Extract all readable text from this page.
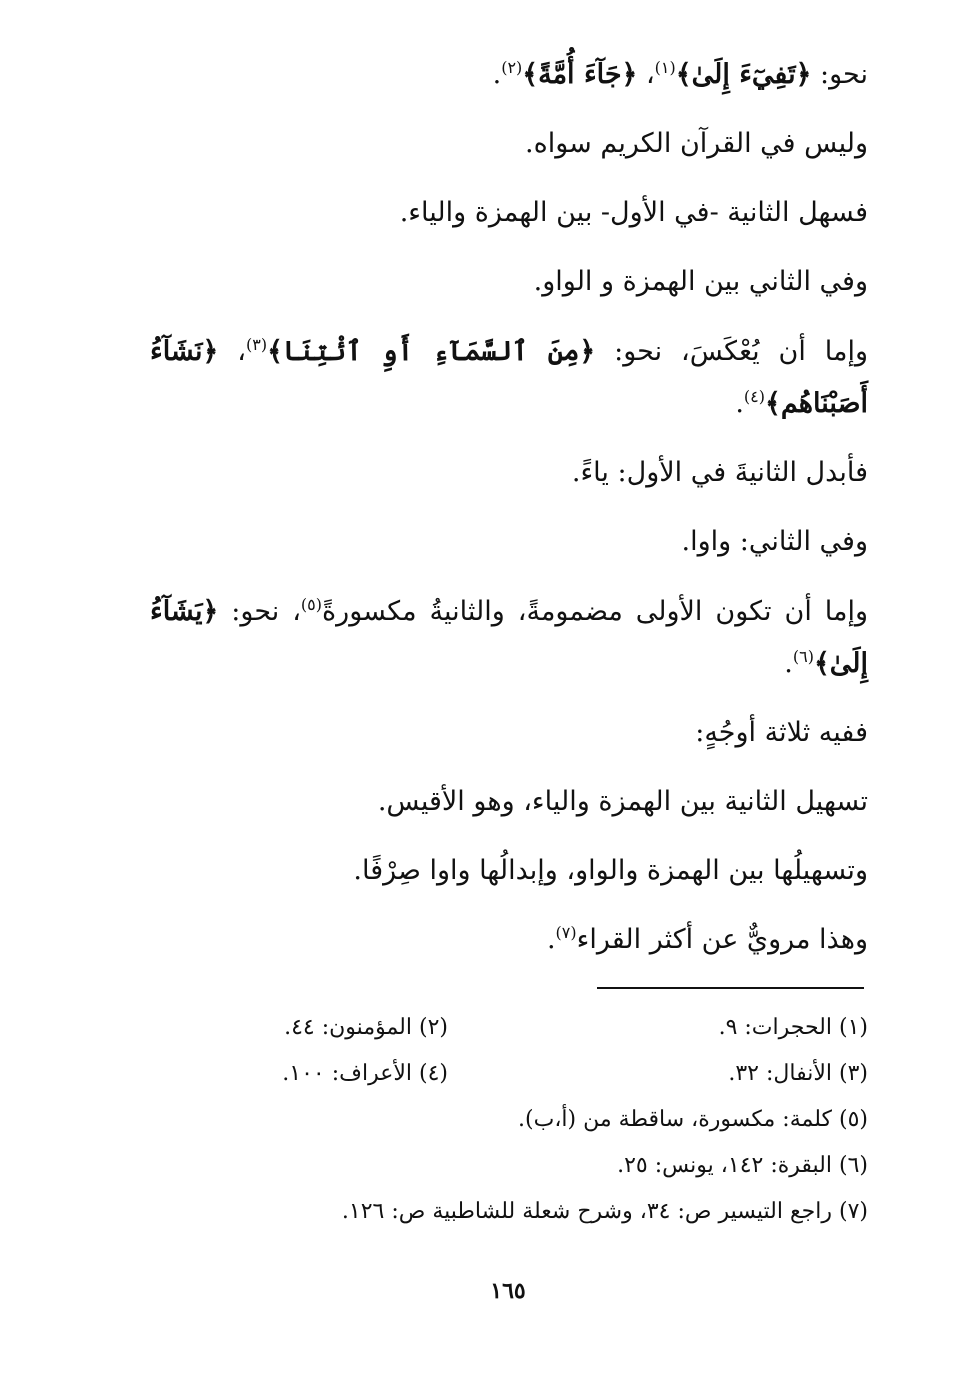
نحو: ﴿تَفِيٓءَ إِلَىٰ﴾$^{(١)}$، ﴿جَآءَ أُمَّةً﴾$^{(٢)}$.

وليس في القرآن الكريم سواه.

فسهل الثانية -في الأول- بين الهمزة والياء.

وفي الثاني بين الهمزة و الواو.

وإما أن يُعْكَسَ، نحو: ﴿مِنَ ٱلسَّمَآءِ أَوِ ٱئْتِنَا﴾$^{(٣)}$، ﴿نَشَآءُ أَصَبْنَاهُم﴾$^{(٤)}$.

فأبدل الثانيةَ في الأول: ياءً.

وفي الثاني: واوا.

وإما أن تكون الأولى مضمومةً، والثانيةُ مكسورةً$^{(٥)}$، نحو: ﴿يَشَآءُ إِلَىٰ﴾$^{(٦)}$.

ففيه ثلاثة أوجُهٍ:

تسهيل الثانية بين الهمزة والياء، وهو الأقيس.

وتسهيلُها بين الهمزة والواو، وإبدالُها واوا صِرْفًا.

وهذا مرويٌّ عن أكثر القراء$^{(٧)}$.

(١) الحجرات: ٩.(٢) المؤمنون: ٤٤.
(٣) الأنفال: ٣٢.(٤) الأعراف: ١٠٠.
(٥) كلمة: مكسورة، ساقطة من (أ،ب).
(٦) البقرة: ١٤٢، يونس: ٢٥.
(٧) راجع التيسير ص: ٣٤، وشرح شعلة للشاطبية ص: ١٢٦.
١٦٥
